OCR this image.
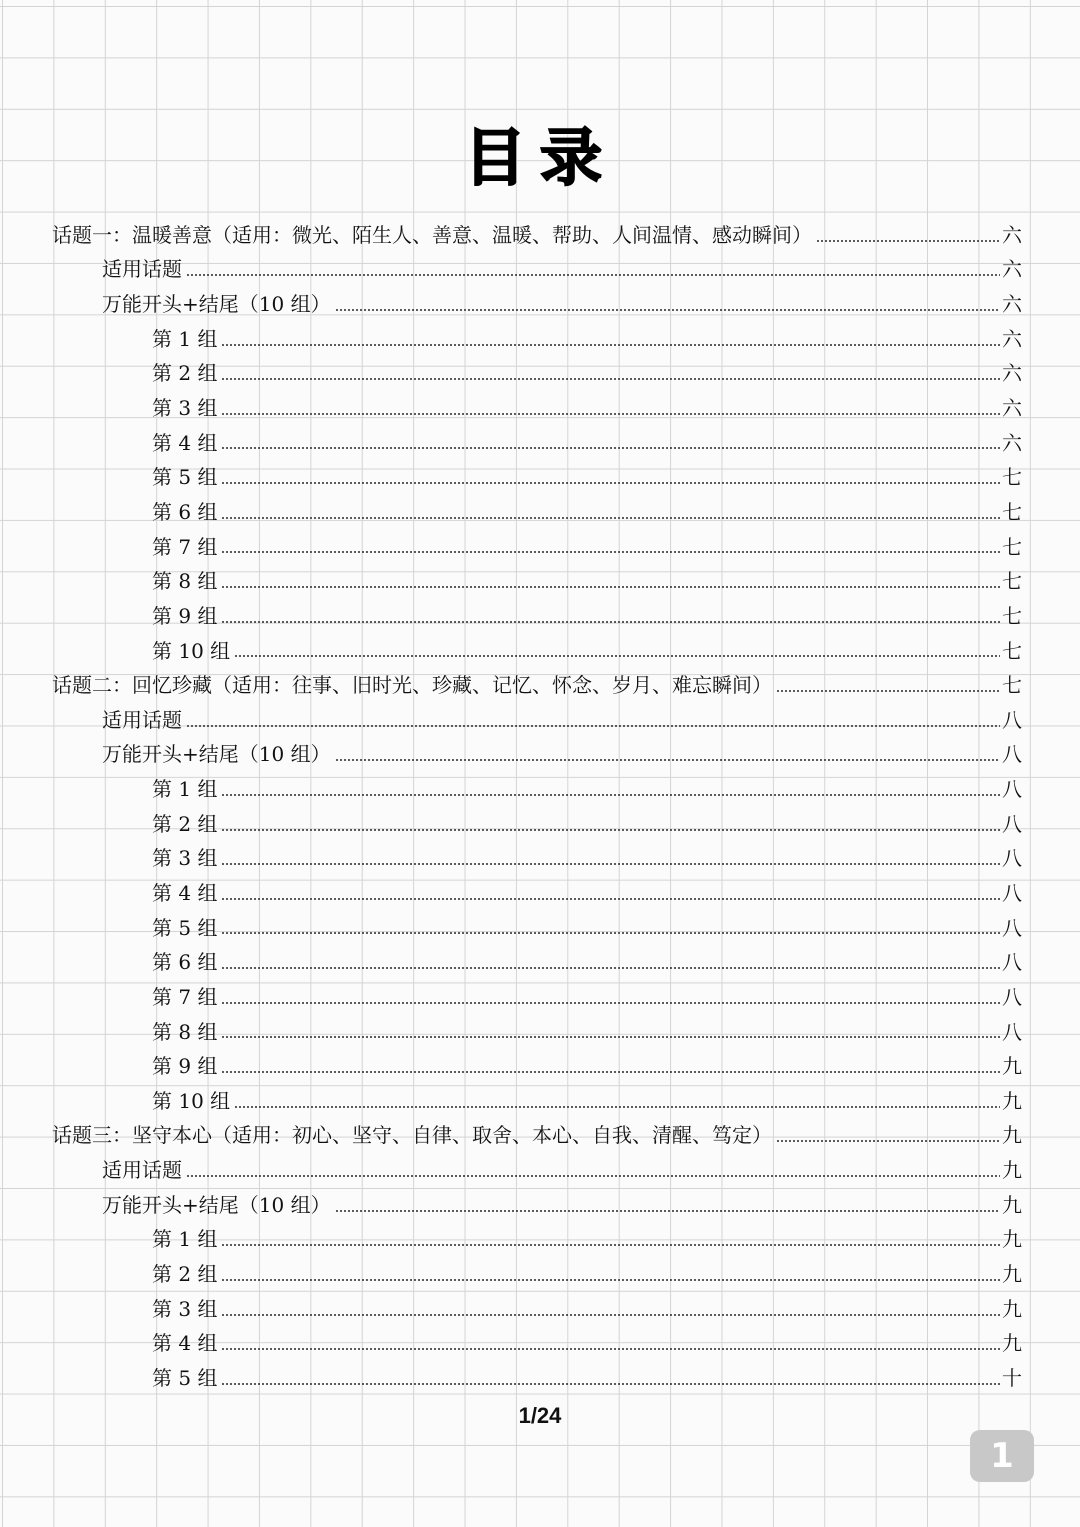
目录
话题一：温暖善意（适用：微光、陌生人、善意、温暖、帮助、人间温情、感动瞬间）	六
适用话题	六
万能开头+结尾（10 组）	六
第 1 组	六
第 2 组	六
第 3 组	六
第 4 组	六
第 5 组	七
第 6 组	七
第 7 组	七
第 8 组	七
第 9 组	七
第 10 组	七
话题二：回忆珍藏（适用：往事、旧时光、珍藏、记忆、怀念、岁月、难忘瞬间）	七
适用话题	八
万能开头+结尾（10 组）	八
第 1 组	八
第 2 组	八
第 3 组	八
第 4 组	八
第 5 组	八
第 6 组	八
第 7 组	八
第 8 组	八
第 9 组	九
第 10 组	九
话题三：坚守本心（适用：初心、坚守、自律、取舍、本心、自我、清醒、笃定）	九
适用话题	九
万能开头+结尾（10 组）	九
第 1 组	九
第 2 组	九
第 3 组	九
第 4 组	九
第 5 组	十
1/24
1
